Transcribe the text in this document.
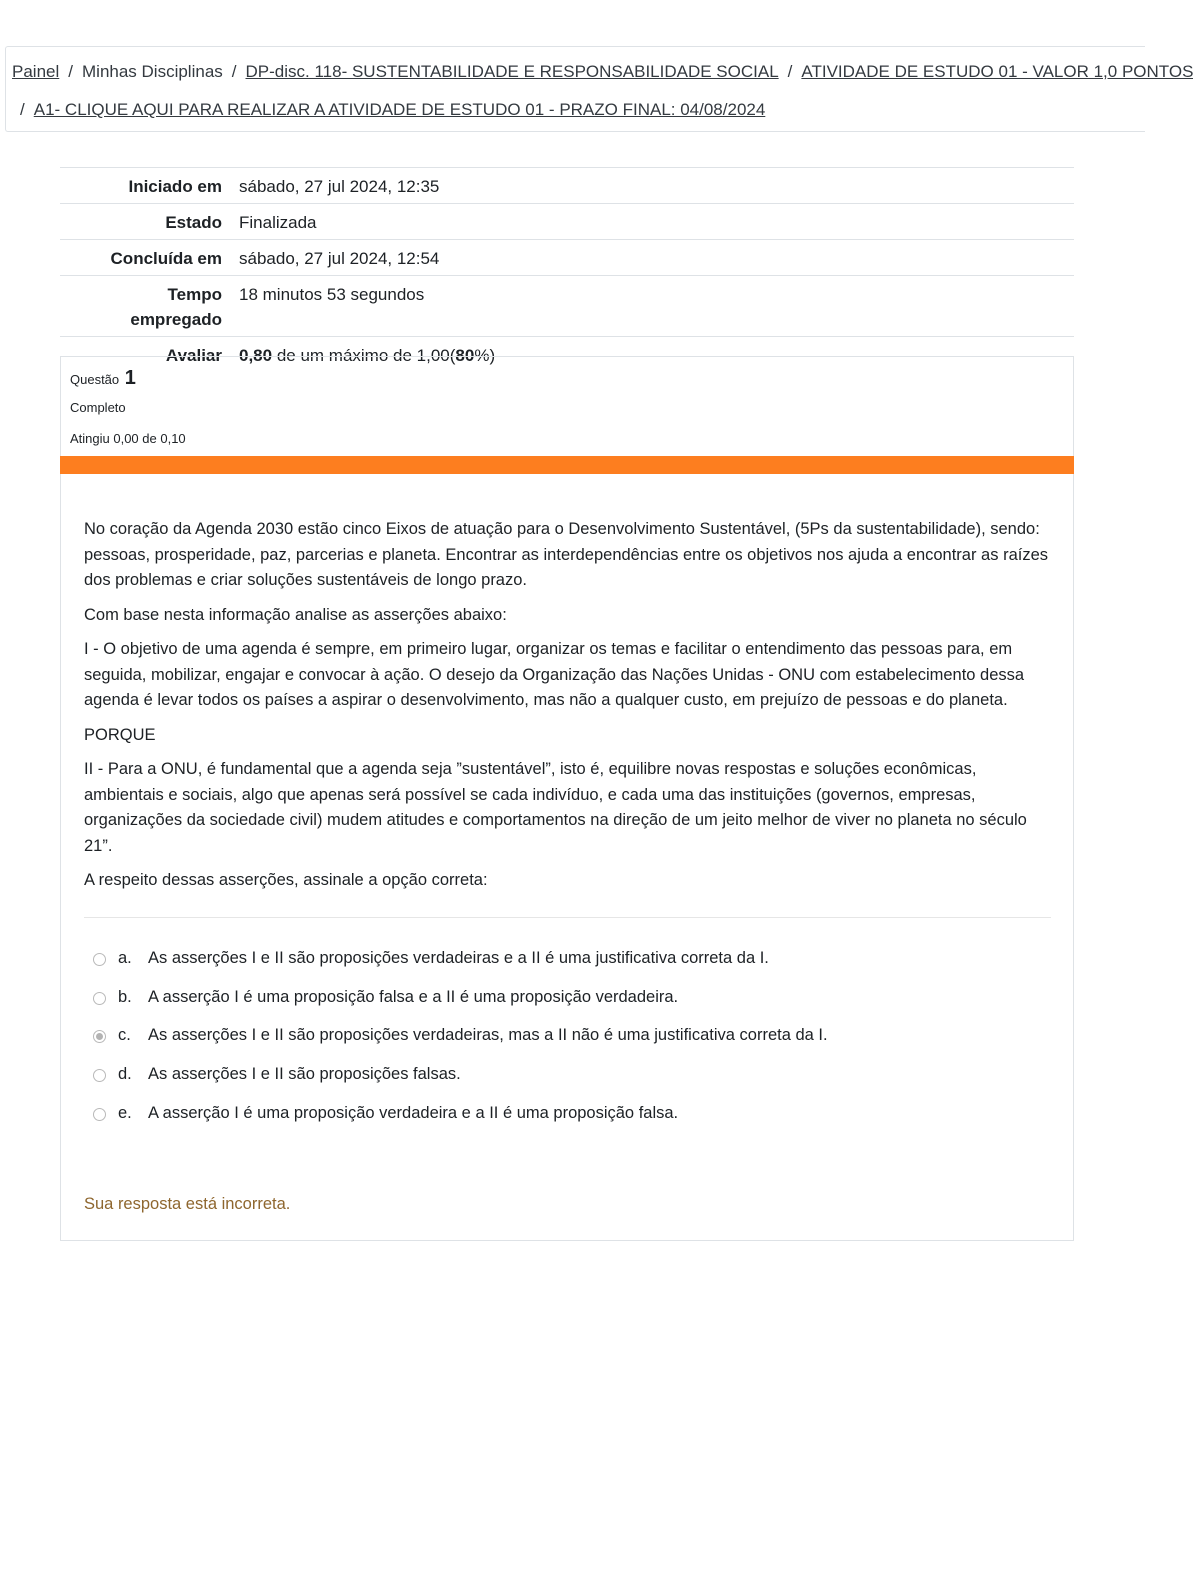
Painel / Minhas Disciplinas / DP-disc. 118- SUSTENTABILIDADE E RESPONSABILIDADE SOCIAL / ATIVIDADE DE ESTUDO 01 - VALOR 1,0 PONTOS
/ A1- CLIQUE AQUI PARA REALIZAR A ATIVIDADE DE ESTUDO 01 - PRAZO FINAL: 04/08/2024
Iniciado em	sábado, 27 jul 2024, 12:35
Estado	Finalizada
Concluída em	sábado, 27 jul 2024, 12:54
Tempo
empregado	18 minutos 53 segundos
Avaliar	0,80 de um máximo de 1,00(80%)
Questão 1
Completo
Atingiu 0,00 de 0,10

No coração da Agenda 2030 estão cinco Eixos de atuação para o Desenvolvimento Sustentável, (5Ps da sustentabilidade), sendo: pessoas, prosperidade, paz, parcerias e planeta. Encontrar as interdependências entre os objetivos nos ajuda a encontrar as raízes dos problemas e criar soluções sustentáveis de longo prazo.

Com base nesta informação analise as asserções abaixo:

I - O objetivo de uma agenda é sempre, em primeiro lugar, organizar os temas e facilitar o entendimento das pessoas para, em seguida, mobilizar, engajar e convocar à ação. O desejo da Organização das Nações Unidas - ONU com estabelecimento dessa agenda é levar todos os países a aspirar o desenvolvimento, mas não a qualquer custo, em prejuízo de pessoas e do planeta.

PORQUE

II - Para a ONU, é fundamental que a agenda seja ”sustentável”, isto é, equilibre novas respostas e soluções econômicas, ambientais e sociais, algo que apenas será possível se cada indivíduo, e cada uma das instituições (governos, empresas, organizações da sociedade civil) mudem atitudes e comportamentos na direção de um jeito melhor de viver no planeta no século 21”.

A respeito dessas asserções, assinale a opção correta:

a. As asserções I e II são proposições verdadeiras e a II é uma justificativa correta da I.
b. A asserção I é uma proposição falsa e a II é uma proposição verdadeira.
c. As asserções I e II são proposições verdadeiras, mas a II não é uma justificativa correta da I.
d. As asserções I e II são proposições falsas.
e. A asserção I é uma proposição verdadeira e a II é uma proposição falsa.
Sua resposta está incorreta.
